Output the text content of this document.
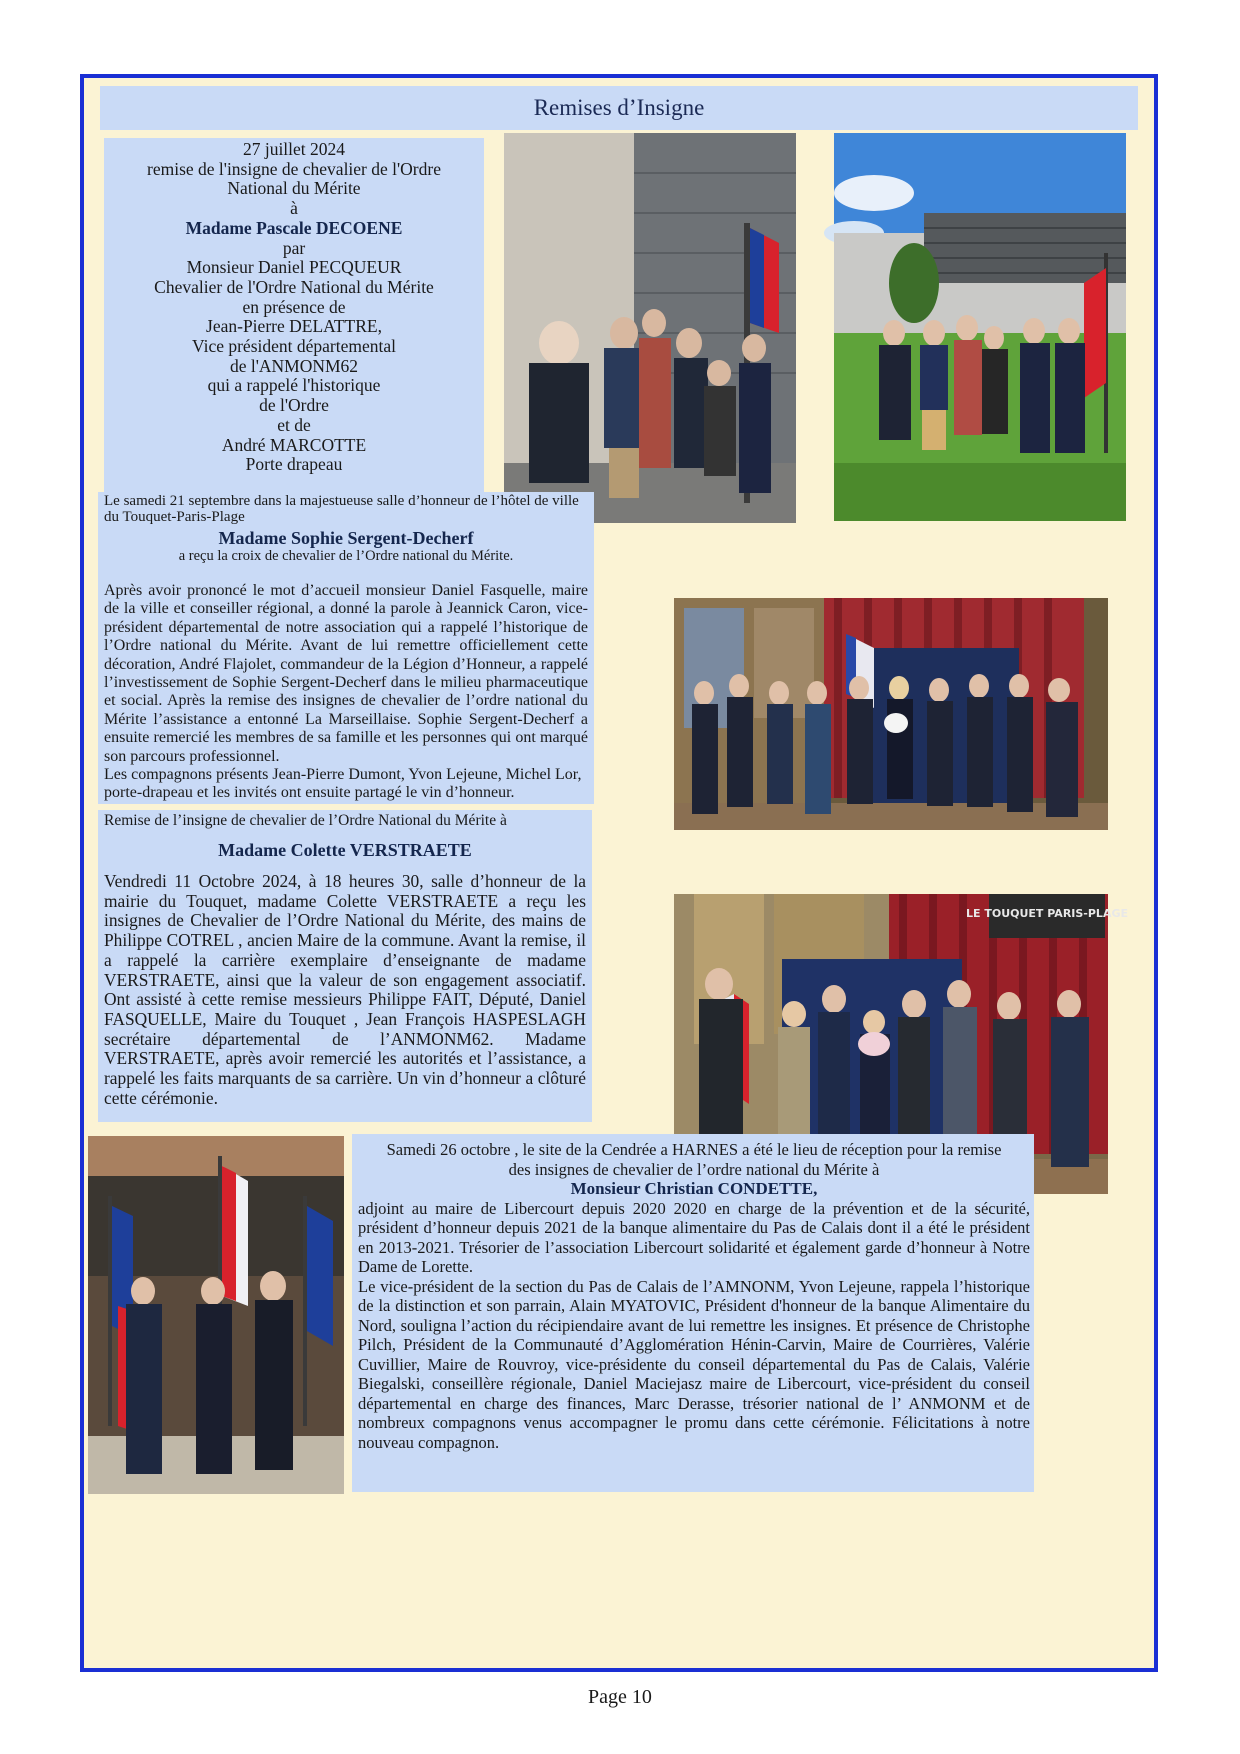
Remises d’Insigne

27 juillet 2024

remise de l'insigne de chevalier de l'Ordre

National du Mérite

à

Madame Pascale DECOENE

par

Monsieur Daniel PECQUEUR

Chevalier de l'Ordre National du Mérite

en présence de

Jean-Pierre DELATTRE,

Vice président départemental

de l'ANMONM62

qui a rappelé l'historique

de l'Ordre

et de

André MARCOTTE

Porte drapeau

Le samedi 21 septembre dans la majestueuse salle d’honneur de l’hôtel de ville du Touquet-Paris-Plage

Madame Sophie Sergent-Decherf

a reçu la croix de chevalier de l’Ordre national du Mérite.

Après avoir prononcé le mot d’accueil monsieur Daniel Fasquelle, maire de la ville et conseiller régional, a donné la parole à Jeannick Caron, vice-président départemental de notre association qui a rappelé l’historique de l’Ordre national du Mérite. Avant de lui remettre officiellement cette décoration, André Flajolet, commandeur de la Légion d’Honneur, a rappelé l’investissement de Sophie Sergent-Decherf dans le milieu pharmaceutique et social. Après la remise des insignes de chevalier de l’ordre national du Mérite l’assistance a entonné La Marseillaise. Sophie Sergent-Decherf a ensuite remercié les membres de sa famille et les personnes qui ont marqué son parcours professionnel.

Les compagnons présents Jean-Pierre Dumont, Yvon Lejeune, Michel Lor, porte-drapeau et les invités ont ensuite partagé le vin d’honneur.

Remise de l’insigne de chevalier de l’Ordre National du Mérite à

Madame Colette VERSTRAETE

Vendredi 11 Octobre 2024, à 18 heures 30, salle d’honneur de la mairie du Touquet, madame Colette VERSTRAETE a reçu les insignes de Chevalier de l’Ordre National du Mérite, des mains de Philippe COTREL , ancien Maire de la commune. Avant la remise, il a rappelé la carrière exemplaire d’enseignante de madame VERSTRAETE, ainsi que la valeur de son engagement associatif. Ont assisté à cette remise messieurs Philippe FAIT, Député, Daniel FASQUELLE, Maire du Touquet , Jean François HASPESLAGH secrétaire départemental de l’ANMONM62. Madame VERSTRAETE, après avoir remercié les autorités et l’assistance, a rappelé les faits marquants de sa carrière. Un vin d’honneur a clôturé cette cérémonie.

LE TOUQUET PARIS-PLAGE

Samedi 26 octobre , le site de la Cendrée a HARNES a été le lieu de réception pour la remise des insignes de chevalier de l’ordre national du Mérite à

Monsieur Christian CONDETTE,

adjoint au maire de Libercourt depuis 2020 2020 en charge de la prévention et de la sécurité, président d’honneur depuis 2021 de la banque alimentaire du Pas de Calais dont il a été le président en 2013-2021. Trésorier de l’association Libercourt solidarité et également garde d’honneur à Notre Dame de Lorette.

Le vice-président de la section du Pas de Calais de l’AMNONM, Yvon Lejeune, rappela l’historique de la distinction et son parrain, Alain MYATOVIC, Président d'honneur de la banque Alimentaire du Nord, souligna l’action du récipiendaire avant de lui remettre les insignes. Et présence de Christophe Pilch, Président de la Communauté d’Agglomération Hénin-Carvin, Maire de Courrières, Valérie Cuvillier, Maire de Rouvroy, vice-présidente du conseil départemental du Pas de Calais, Valérie Biegalski, conseillère régionale, Daniel Maciejasz maire de Libercourt, vice-président du conseil départemental en charge des finances, Marc Derasse, trésorier national de l’ ANMONM et de nombreux compagnons venus accompagner le promu dans cette cérémonie. Félicitations à notre nouveau compagnon.

Page 10
